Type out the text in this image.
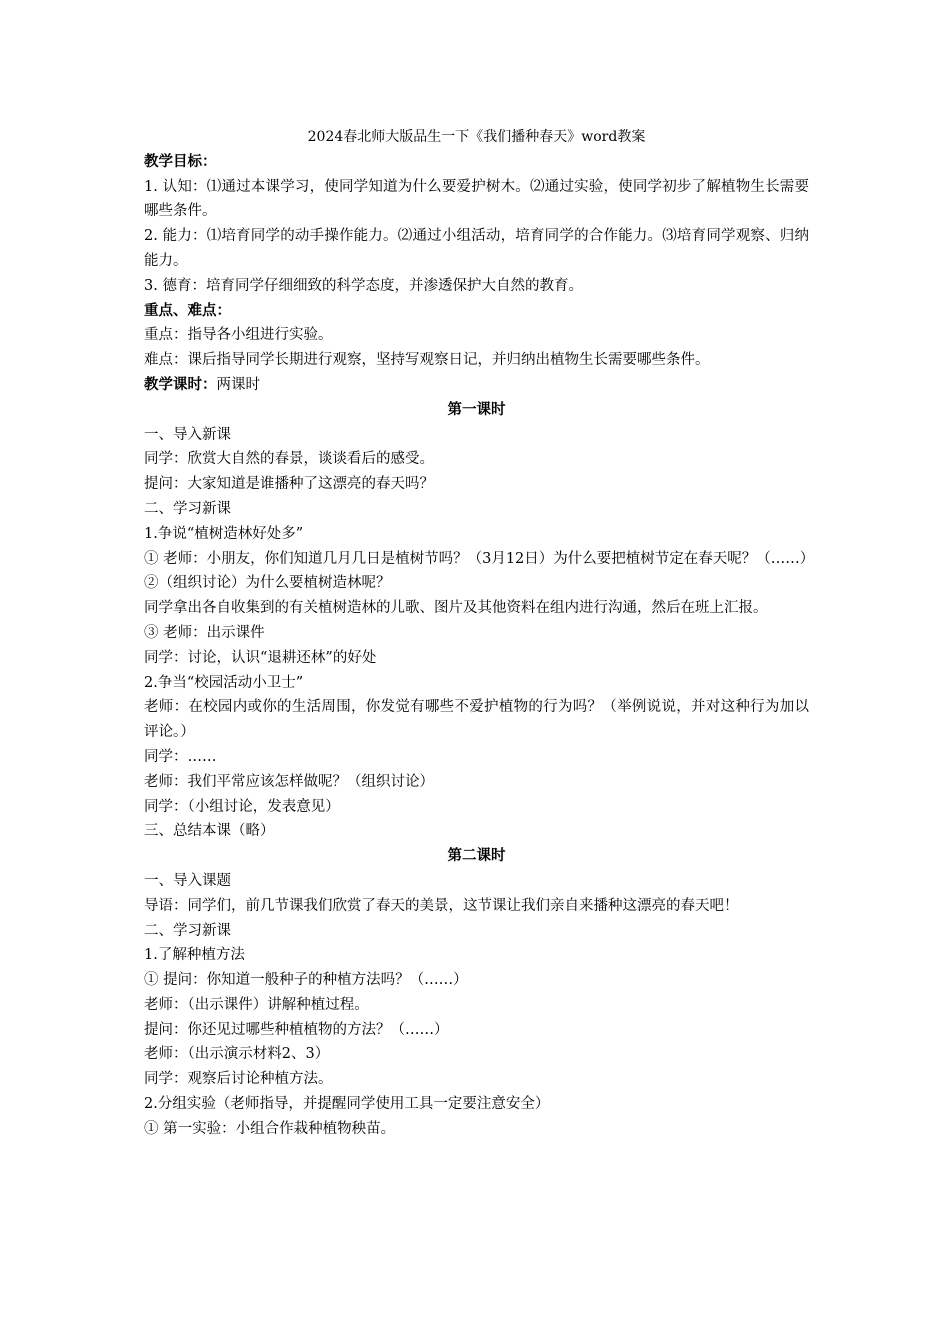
2024春北师大版品生一下《我们播种春天》word教案
教学目标：
1. 认知：⑴通过本课学习，使同学知道为什么要爱护树木。⑵通过实验，使同学初步了解植物生长需要哪些条件。
2. 能力：⑴培育同学的动手操作能力。⑵通过小组活动，培育同学的合作能力。⑶培育同学观察、归纳能力。
3. 德育：培育同学仔细细致的科学态度，并渗透保护大自然的教育。
重点、难点：
重点：指导各小组进行实验。
难点：课后指导同学长期进行观察，坚持写观察日记，并归纳出植物生长需要哪些条件。
教学课时：两课时
第一课时
一、导入新课
同学：欣赏大自然的春景，谈谈看后的感受。
提问：大家知道是谁播种了这漂亮的春天吗？
二、学习新课
1.争说“植树造林好处多”
① 老师：小朋友，你们知道几月几日是植树节吗？（3月12日）为什么要把植树节定在春天呢？（……）
②（组织讨论）为什么要植树造林呢？
同学拿出各自收集到的有关植树造林的儿歌、图片及其他资料在组内进行沟通，然后在班上汇报。
③ 老师：出示课件
同学：讨论，认识“退耕还林”的好处
2.争当“校园活动小卫士”
老师：在校园内或你的生活周围，你发觉有哪些不爱护植物的行为吗？（举例说说，并对这种行为加以评论。）
同学：……
老师：我们平常应该怎样做呢？（组织讨论）
同学：（小组讨论，发表意见）
三、总结本课（略）
第二课时
一、导入课题
导语：同学们，前几节课我们欣赏了春天的美景，这节课让我们亲自来播种这漂亮的春天吧！
二、学习新课
1.了解种植方法
① 提问：你知道一般种子的种植方法吗？（……）
老师：（出示课件）讲解种植过程。
提问：你还见过哪些种植植物的方法？（……）
老师：（出示演示材料2、3）
同学：观察后讨论种植方法。
2.分组实验（老师指导，并提醒同学使用工具一定要注意安全）
① 第一实验：小组合作栽种植物秧苗。
